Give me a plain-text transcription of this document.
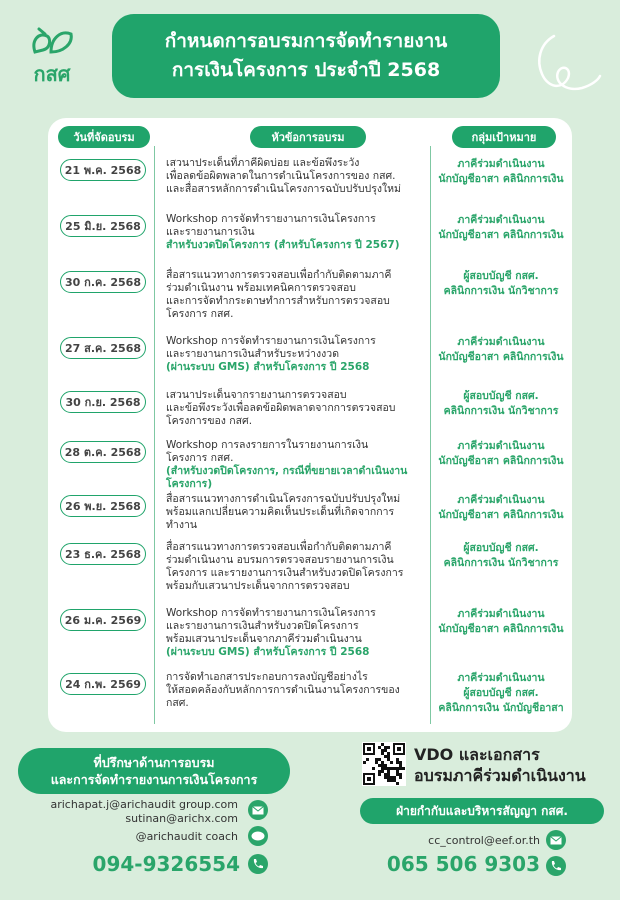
กสศ
กำหนดการอบรมการจัดทำรายงาน
การเงินโครงการ ประจำปี 2568
วันที่จัดอบรม	หัวข้อการอบรม	กลุ่มเป้าหมาย
21 พ.ค. 2568
เสวนาประเด็นที่ภาคีผิดบ่อย และข้อพึงระวัง
เพื่อลดข้อผิดพลาดในการดำเนินโครงการของ กสศ.
และสื่อสารหลักการดำเนินโครงการฉบับปรับปรุงใหม่
ภาคีร่วมดำเนินงาน
นักบัญชีอาสา คลินิกการเงิน
25 มิ.ย. 2568
Workshop การจัดทำรายงานการเงินโครงการ
และรายงานการเงิน
สำหรับงวดปิดโครงการ (สำหรับโครงการ ปี 2567)
ภาคีร่วมดำเนินงาน
นักบัญชีอาสา คลินิกการเงิน
30 ก.ค. 2568
สื่อสารแนวทางการตรวจสอบเพื่อกำกับติดตามภาคี
ร่วมดำเนินงาน พร้อมเทคนิคการตรวจสอบ
และการจัดทำกระดาษทำการสำหรับการตรวจสอบ
โครงการ กสศ.
ผู้สอบบัญชี กสศ.
คลินิกการเงิน นักวิชาการ
27 ส.ค. 2568
Workshop การจัดทำรายงานการเงินโครงการ
และรายงานการเงินสำหรับระหว่างงวด
(ผ่านระบบ GMS) สำหรับโครงการ ปี 2568
ภาคีร่วมดำเนินงาน
นักบัญชีอาสา คลินิกการเงิน
30 ก.ย. 2568
เสวนาประเด็นจากรายงานการตรวจสอบ
และข้อพึงระวังเพื่อลดข้อผิดพลาดจากการตรวจสอบ
โครงการของ กสศ.
ผู้สอบบัญชี กสศ.
คลินิกการเงิน นักวิชาการ
28 ต.ค. 2568
Workshop การลงรายการในรายงานการเงิน
โครงการ กสศ.
(สำหรับงวดปิดโครงการ, กรณีที่ขยายเวลาดำเนินงานโครงการ)
ภาคีร่วมดำเนินงาน
นักบัญชีอาสา คลินิกการเงิน
26 พ.ย. 2568
สื่อสารแนวทางการดำเนินโครงการฉบับปรับปรุงใหม่
พร้อมแลกเปลี่ยนความคิดเห็นประเด็นที่เกิดจากการ
ทำงาน
ภาคีร่วมดำเนินงาน
นักบัญชีอาสา คลินิกการเงิน
23 ธ.ค. 2568
สื่อสารแนวทางการตรวจสอบเพื่อกำกับติดตามภาคี
ร่วมดำเนินงาน อบรมการตรวจสอบรายงานการเงิน
โครงการ และรายงานการเงินสำหรับงวดปิดโครงการ
พร้อมกับเสวนาประเด็นจากการตรวจสอบ
ผู้สอบบัญชี กสศ.
คลินิกการเงิน นักวิชาการ
26 ม.ค. 2569
Workshop การจัดทำรายงานการเงินโครงการ
และรายงานการเงินสำหรับงวดปิดโครงการ
พร้อมเสวนาประเด็นจากภาคีร่วมดำเนินงาน
(ผ่านระบบ GMS) สำหรับโครงการ ปี 2568
ภาคีร่วมดำเนินงาน
นักบัญชีอาสา คลินิกการเงิน
24 ก.พ. 2569
การจัดทำเอกสารประกอบการลงบัญชีอย่างไร
ให้สอดคล้องกับหลักการการดำเนินงานโครงการของ
กสศ.
ภาคีร่วมดำเนินงาน
ผู้สอบบัญชี กสศ.
คลินิกการเงิน นักบัญชีอาสา
ที่ปรึกษาด้านการอบรม
และการจัดทำรายงานการเงินโครงการ
arichapat.j@arichaudit group.com
sutinan@arichx.com
@arichaudit coach
094-9326554
VDO และเอกสาร
อบรมภาคีร่วมดำเนินงาน
ฝ่ายกำกับและบริหารสัญญา กสศ.
cc_control@eef.or.th
065 506 9303
